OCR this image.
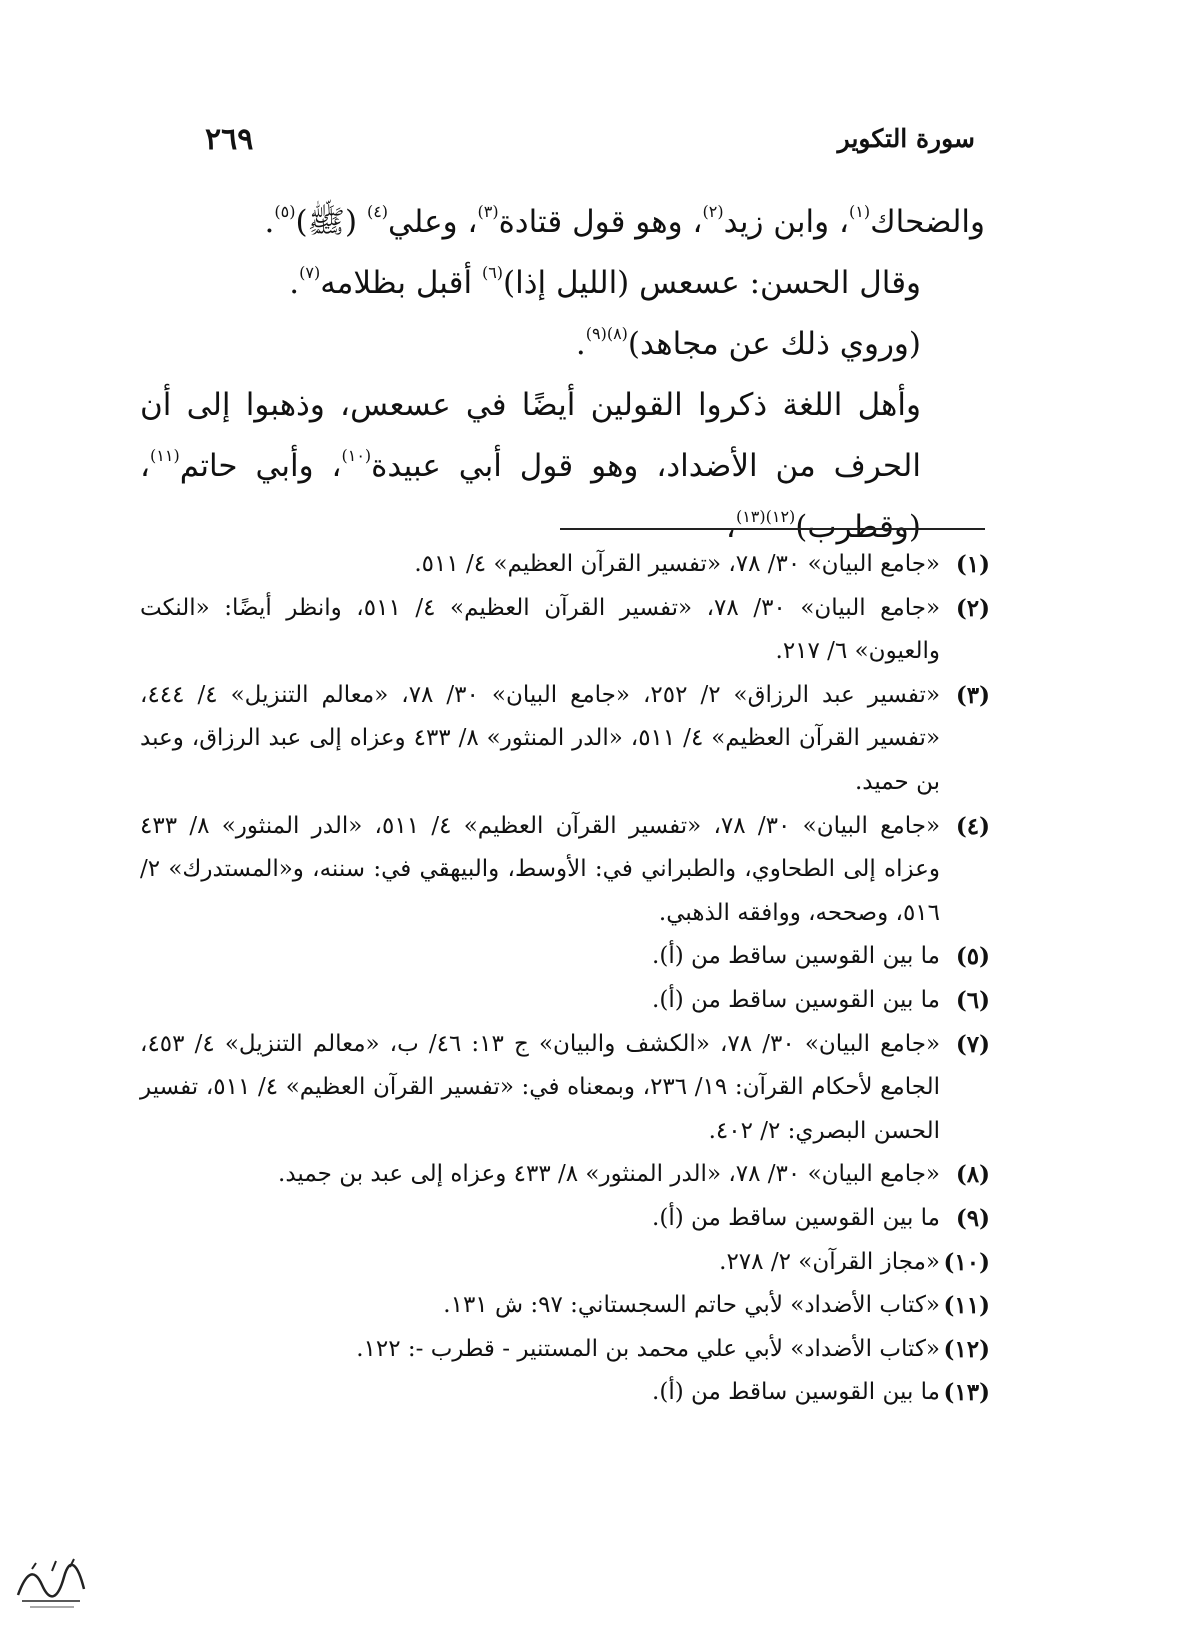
سورة التكوير
٢٦٩

والضحاك$^{(١)}$، وابن زيد$^{(٢)}$، وهو قول قتادة$^{(٣)}$، وعلي$^{(٤)}$ (ﷺ)$^{(٥)}$.

وقال الحسن: عسعس (الليل إذا)$^{(٦)}$ أقبل بظلامه$^{(٧)}$.

(وروي ذلك عن مجاهد)$^{(٨)(٩)}$.

وأهل اللغة ذكروا القولين أيضًا في عسعس، وذهبوا إلى أن الحرف من الأضداد، وهو قول أبي عبيدة$^{(١٠)}$، وأبي حاتم$^{(١١)}$، (وقطرب)$^{(١٢)(١٣)}$،

(١)
«جامع البيان» ٣٠/ ٧٨، «تفسير القرآن العظيم» ٤/ ٥١١.
(٢)
«جامع البيان» ٣٠/ ٧٨، «تفسير القرآن العظيم» ٤/ ٥١١، وانظر أيضًا: «النكت والعيون» ٦/ ٢١٧.
(٣)
«تفسير عبد الرزاق» ٢/ ٢٥٢، «جامع البيان» ٣٠/ ٧٨، «معالم التنزيل» ٤/ ٤٤٤، «تفسير القرآن العظيم» ٤/ ٥١١، «الدر المنثور» ٨/ ٤٣٣ وعزاه إلى عبد الرزاق، وعبد بن حميد.
(٤)
«جامع البيان» ٣٠/ ٧٨، «تفسير القرآن العظيم» ٤/ ٥١١، «الدر المنثور» ٨/ ٤٣٣ وعزاه إلى الطحاوي، والطبراني في: الأوسط، والبيهقي في: سننه، و«المستدرك» ٢/ ٥١٦، وصححه، ووافقه الذهبي.
(٥)
ما بين القوسين ساقط من (أ).
(٦)
ما بين القوسين ساقط من (أ).
(٧)
«جامع البيان» ٣٠/ ٧٨، «الكشف والبيان» ج ١٣: ٤٦/ ب، «معالم التنزيل» ٤/ ٤٥٣، الجامع لأحكام القرآن: ١٩/ ٢٣٦، وبمعناه في: «تفسير القرآن العظيم» ٤/ ٥١١، تفسير الحسن البصري: ٢/ ٤٠٢.
(٨)
«جامع البيان» ٣٠/ ٧٨، «الدر المنثور» ٨/ ٤٣٣ وعزاه إلى عبد بن جميد.
(٩)
ما بين القوسين ساقط من (أ).
(١٠)
«مجاز القرآن» ٢/ ٢٧٨.
(١١)
«كتاب الأضداد» لأبي حاتم السجستاني: ٩٧: ش ١٣١.
(١٢)
«كتاب الأضداد» لأبي علي محمد بن المستنير - قطرب -: ١٢٢.
(١٣)
ما بين القوسين ساقط من (أ).
